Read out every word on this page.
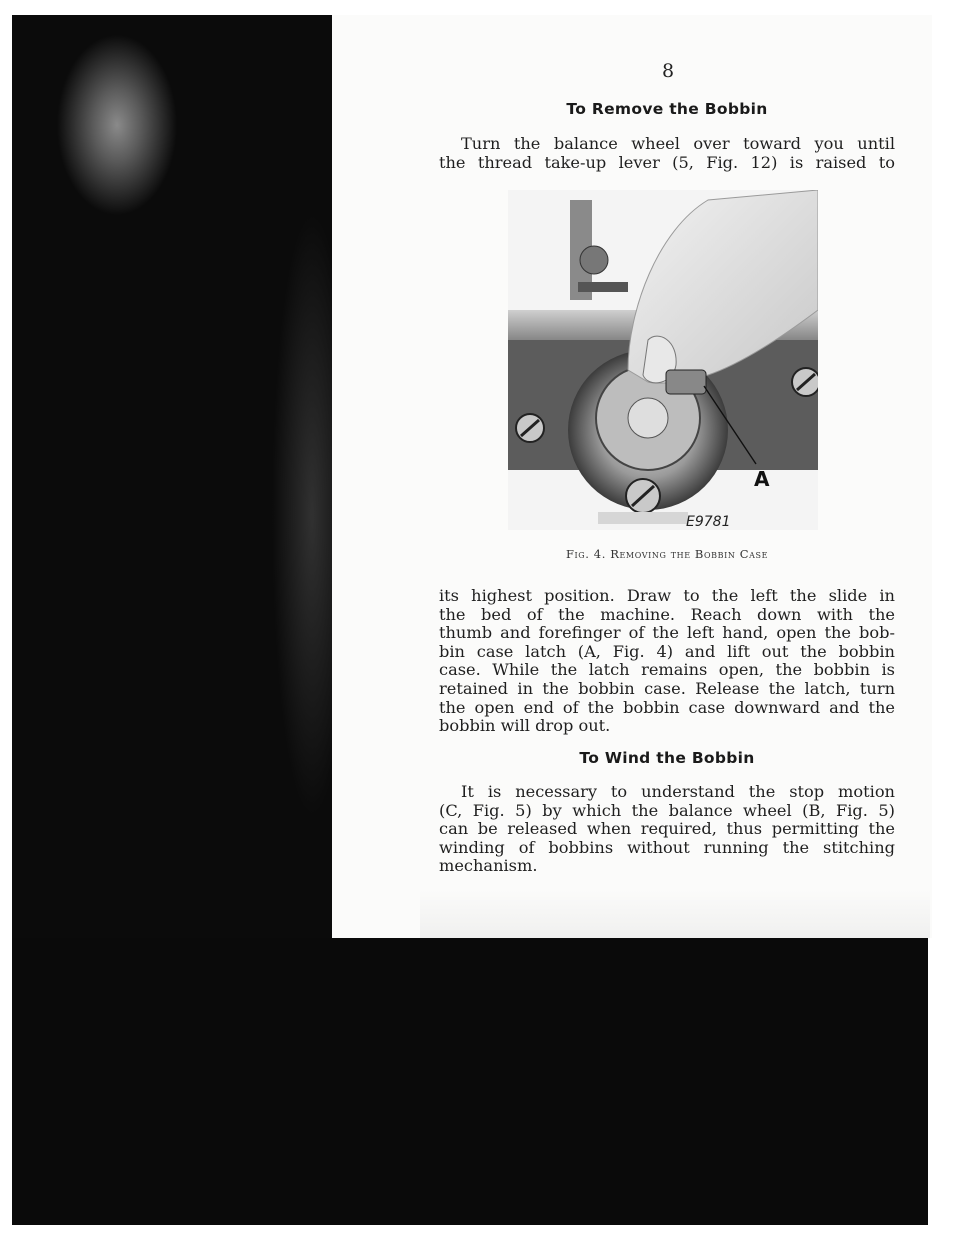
8
To Remove the Bobbin
Turn the balance wheel over toward you until
the thread take-up lever (5, Fig. 12) is raised to
A
E9781
Fig. 4. Removing the Bobbin Case
its highest position. Draw to the left the slide in
the bed of the machine. Reach down with the
thumb and forefinger of the left hand, open the bob-
bin case latch (A, Fig. 4) and lift out the bobbin
case. While the latch remains open, the bobbin is
retained in the bobbin case. Release the latch, turn
the open end of the bobbin case downward and the
bobbin will drop out.
To Wind the Bobbin
It is necessary to understand the stop motion
(C, Fig. 5) by which the balance wheel (B, Fig. 5)
can be released when required, thus permitting the
winding of bobbins without running the stitching
mechanism.
